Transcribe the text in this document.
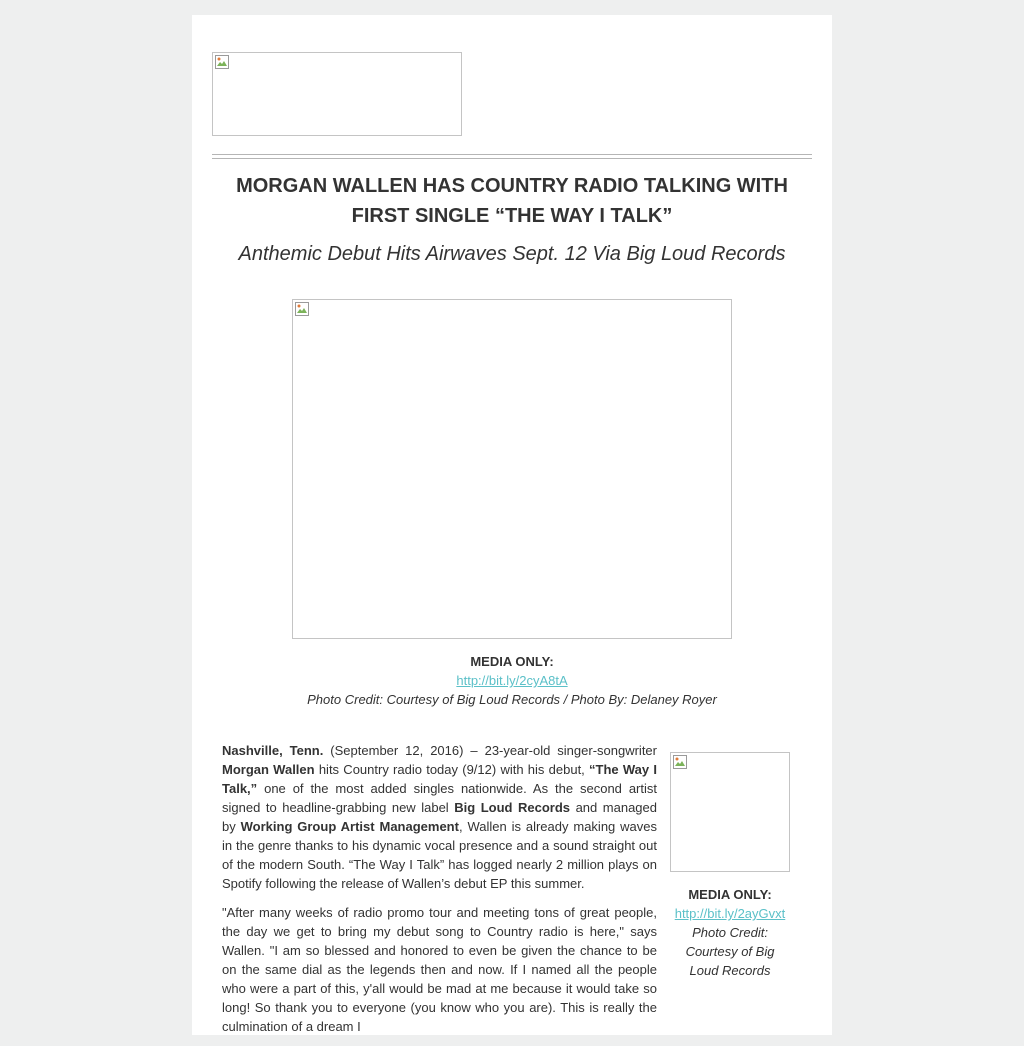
MORGAN WALLEN HAS COUNTRY RADIO TALKING WITH FIRST SINGLE “THE WAY I TALK”
Anthemic Debut Hits Airwaves Sept. 12 Via Big Loud Records
MEDIA ONLY:
http://bit.ly/2cyA8tA
Photo Credit: Courtesy of Big Loud Records / Photo By: Delaney Royer

Nashville, Tenn. (September 12, 2016) – 23-year-old singer-songwriter Morgan Wallen hits Country radio today (9/12) with his debut, “The Way I Talk,” one of the most added singles nationwide. As the second artist signed to headline-grabbing new label Big Loud Records and managed by Working Group Artist Management, Wallen is already making waves in the genre thanks to his dynamic vocal presence and a sound straight out of the modern South. “The Way I Talk” has logged nearly 2 million plays on Spotify following the release of Wallen’s debut EP this summer.

"After many weeks of radio promo tour and meeting tons of great people, the day we get to bring my debut song to Country radio is here," says Wallen. "I am so blessed and honored to even be given the chance to be on the same dial as the legends then and now. If I named all the people who were a part of this, y'all would be mad at me because it would take so long! So thank you to everyone (you know who you are). This is really the culmination of a dream I

MEDIA ONLY:
http://bit.ly/2ayGvxt
Photo Credit: Courtesy of Big Loud Records
